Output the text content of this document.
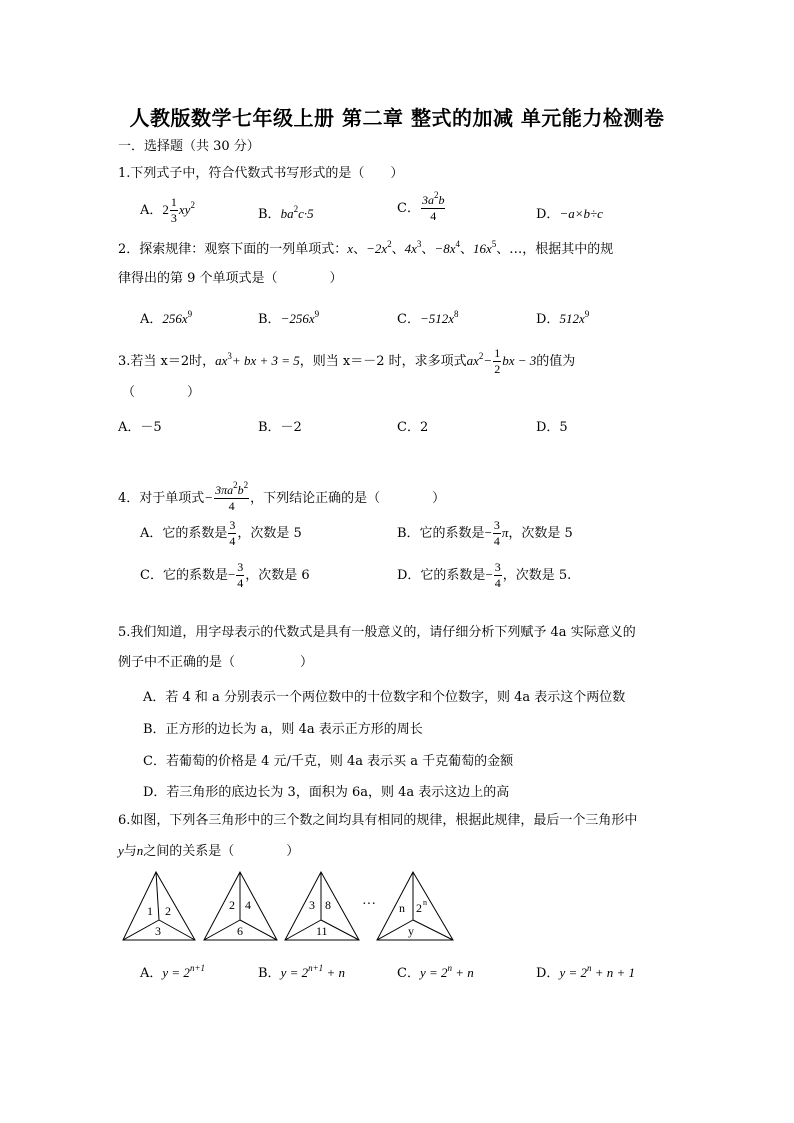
人教版数学七年级上册 第二章 整式的加减 单元能力检测卷
一．选择题（共 30 分）
1.下列式子中，符合代数式书写形式的是（　　）
A．$2 \frac{1}{3} xy^2$
B．$ba^2c\cdot 5$	C． $\frac{3a^2b}{4}$	D．−a×b÷c
2．探索规律：观察下面的一列单项式：x、$-2x^2$、$4x^3$、$-8x^4$、$16x^5$、…，根据其中的规
律得出的第 9 个单项式是（　　　　）
A．$256x^9$	B．$-256x^9$	C．$-512x^8$	D．$512x^9$
3.若当 x＝2时，$ax^3+$ bx + 3 = 5，则当 x＝－2 时，求多项式$ax^2- \frac{1}{2}$ bx − 3的值为
（　　　　）
A．－5	B．－2	C．2	D．5
4．对于单项式− $\frac{3\pi a^2b^2}{4}$ ，下列结论正确的是（　　　　）
A．它的系数是 $\frac{3}{4}$ ，次数是 5	B．它的系数是− $\frac{3}{4}$ π，次数是 5
C．它的系数是− $\frac{3}{4}$ ，次数是 6	D．它的系数是− $\frac{3}{4}$ ，次数是 5.
5.我们知道，用字母表示的代数式是具有一般意义的，请仔细分析下列赋予 4a 实际意义的
例子中不正确的是（　　　　　）
A．若 4 和 a 分别表示一个两位数中的十位数字和个位数字，则 4a 表示这个两位数
B．正方形的边长为 a，则 4a 表示正方形的周长
C．若葡萄的价格是 4 元/千克，则 4a 表示买 a 千克葡萄的金额
D．若三角形的底边长为 3，面积为 6a，则 4a 表示这边上的高
6.如图，下列各三角形中的三个数之间均具有相同的规律，根据此规律，最后一个三角形中
y与n之间的关系是（　　　　）
1 2
3
2 4
6
3 8
11
··· n 2 n
y
A．$y = 2^{n+1}$	B．$y = 2^{n+1} + n$	C．$y = 2^n + n$	D．$y = 2^n + n + 1$
